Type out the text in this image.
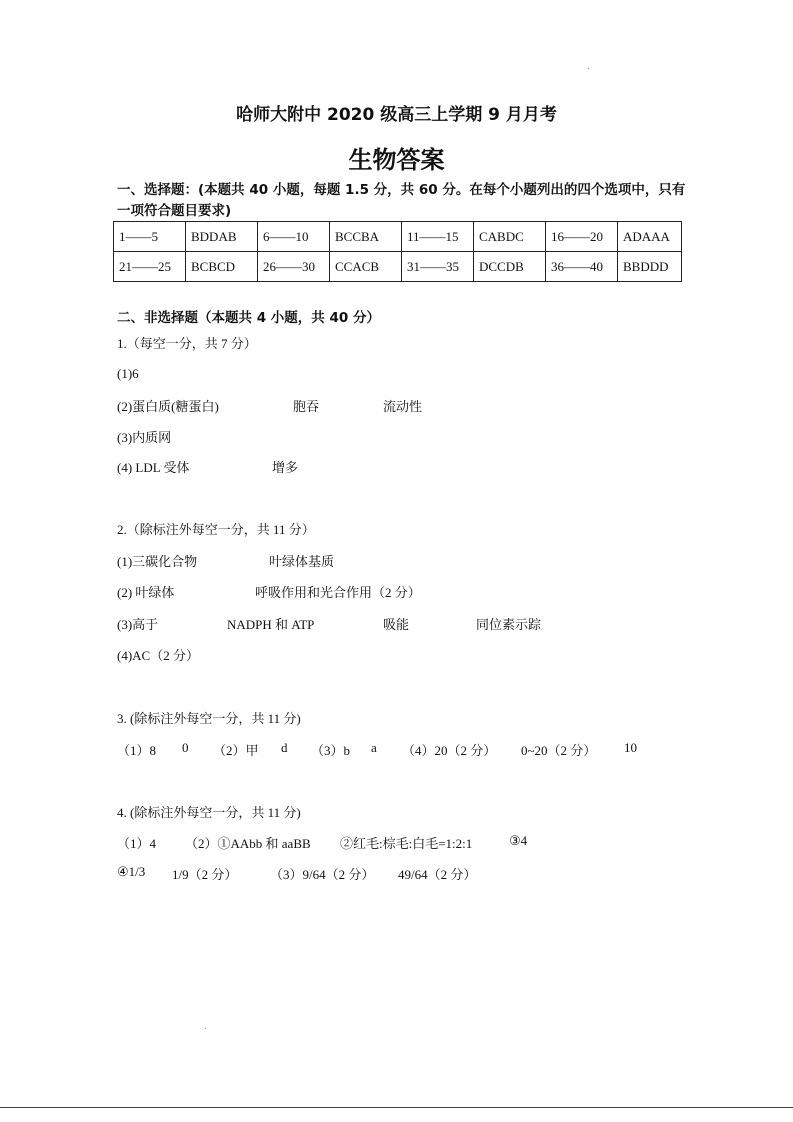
哈师大附中 2020 级高三上学期 9 月月考
生物答案
一、选择题：(本题共 40 小题，每题 1.5 分，共 60 分。在每个小题列出的四个选项中，只有一项符合题目要求)
1——5	BDDAB	6——10	BCCBA	11——15	CABDC	16——20	ADAAA
21——25	BCBCD	26——30	CCACB	31——35	DCCDB	36——40	BBDDD
二、非选择题（本题共 4 小题，共 40 分）
1.（每空一分，共 7 分）
(1)6
(2)蛋白质(糖蛋白)	胞吞	流动性
(3)内质网
(4) LDL 受体	增多
2.（除标注外每空一分，共 11 分）
(1)三碳化合物	叶绿体基质
(2) 叶绿体	呼吸作用和光合作用（2 分）
(3)高于	NADPH 和 ATP	吸能	同位素示踪
(4)AC（2 分）
3. (除标注外每空一分，共 11 分)
（1）8 0 （2）甲 d （3）b a （4）20（2 分） 0~20（2 分） 10
4. (除标注外每空一分，共 11 分)
（1）4 （2）①AAbb 和 aaBB ②红毛:棕毛:白毛=1:2:1	③4
④1/3 1/9（2 分）	（3）9/64（2 分） 49/64（2 分）
